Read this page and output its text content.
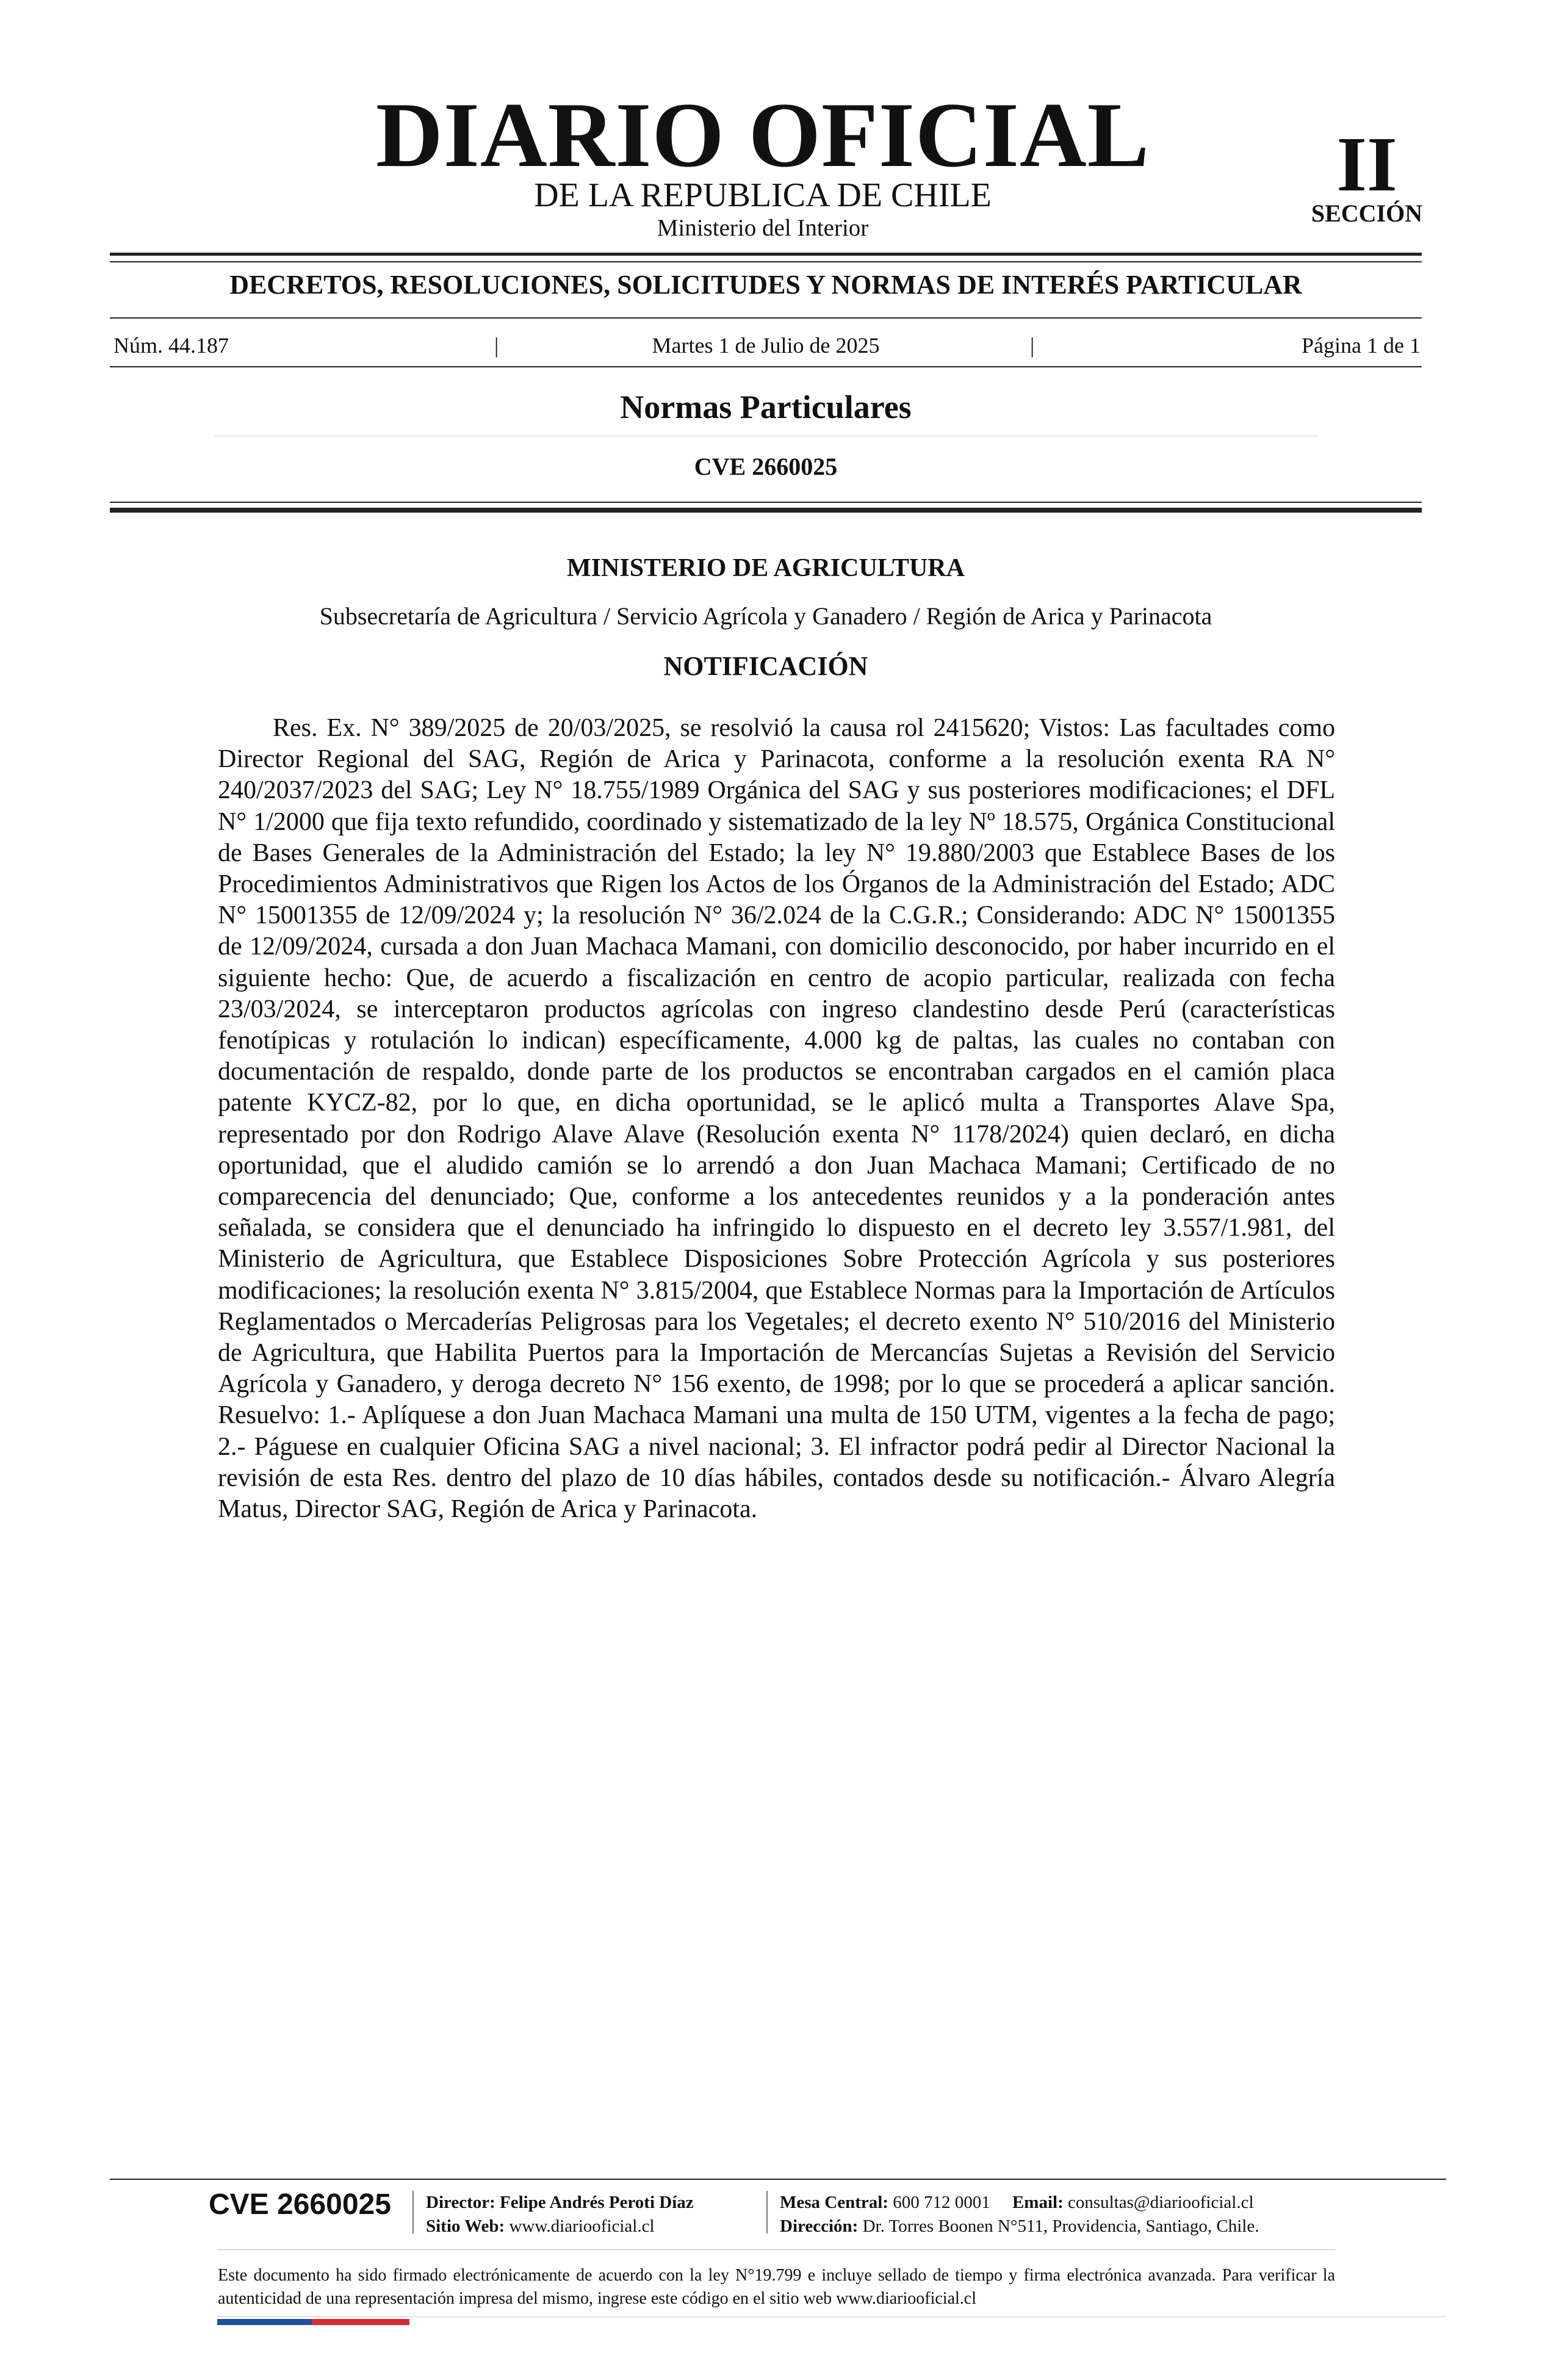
DIARIO OFICIAL
DE LA REPUBLICA DE CHILE
Ministerio del Interior
II
SECCIÓN
DECRETOS, RESOLUCIONES, SOLICITUDES Y NORMAS DE INTERÉS PARTICULAR
Núm. 44.187	|	Martes 1 de Julio de 2025	|	Página 1 de 1
Normas Particulares
CVE 2660025
MINISTERIO DE AGRICULTURA
Subsecretaría de Agricultura / Servicio Agrícola y Ganadero / Región de Arica y Parinacota
NOTIFICACIÓN

Res. Ex. N° 389/2025 de 20/03/2025, se resolvió la causa rol 2415620; Vistos: Las facultades como Director Regional del SAG, Región de Arica y Parinacota, conforme a la resolución exenta RA N° 240/2037/2023 del SAG; Ley N° 18.755/1989 Orgánica del SAG y sus posteriores modificaciones; el DFL N° 1/2000 que fija texto refundido, coordinado y sistematizado de la ley Nº 18.575, Orgánica Constitucional de Bases Generales de la Administración del Estado; la ley N° 19.880/2003 que Establece Bases de los Procedimientos Administrativos que Rigen los Actos de los Órganos de la Administración del Estado; ADC N° 15001355 de 12/09/2024 y; la resolución N° 36/2.024 de la C.G.R.; Considerando: ADC N° 15001355 de 12/09/2024, cursada a don Juan Machaca Mamani, con domicilio desconocido, por haber incurrido en el siguiente hecho: Que, de acuerdo a fiscalización en centro de acopio particular, realizada con fecha 23/03/2024, se interceptaron productos agrícolas con ingreso clandestino desde Perú (características fenotípicas y rotulación lo indican) específicamente, 4.000 kg de paltas, las cuales no contaban con documentación de respaldo, donde parte de los productos se encontraban cargados en el camión placa patente KYCZ-82, por lo que, en dicha oportunidad, se le aplicó multa a Transportes Alave Spa, representado por don Rodrigo Alave Alave (Resolución exenta N° 1178/2024) quien declaró, en dicha oportunidad, que el aludido camión se lo arrendó a don Juan Machaca Mamani; Certificado de no comparecencia del denunciado; Que, conforme a los antecedentes reunidos y a la ponderación antes señalada, se considera que el denunciado ha infringido lo dispuesto en el decreto ley 3.557/1.981, del Ministerio de Agricultura, que Establece Disposiciones Sobre Protección Agrícola y sus posteriores modificaciones; la resolución exenta N° 3.815/2004, que Establece Normas para la Importación de Artículos Reglamentados o Mercaderías Peligrosas para los Vegetales; el decreto exento N° 510/2016 del Ministerio de Agricultura, que Habilita Puertos para la Importación de Mercancías Sujetas a Revisión del Servicio Agrícola y Ganadero, y deroga decreto N° 156 exento, de 1998; por lo que se procederá a aplicar sanción. Resuelvo: 1.- Aplíquese a don Juan Machaca Mamani una multa de 150 UTM, vigentes a la fecha de pago; 2.- Páguese en cualquier Oficina SAG a nivel nacional; 3. El infractor podrá pedir al Director Nacional la revisión de esta Res. dentro del plazo de 10 días hábiles, contados desde su notificación.- Álvaro Alegría Matus, Director SAG, Región de Arica y Parinacota.

CVE 2660025	Director: Felipe Andrés Peroti Díaz
Sitio Web: www.diariooficial.cl
Mesa Central: 600 712 0001 Email: consultas@diariooficial.cl
Dirección: Dr. Torres Boonen N°511, Providencia, Santiago, Chile.

Este documento ha sido firmado electrónicamente de acuerdo con la ley N°19.799 e incluye sellado de tiempo y firma electrónica avanzada. Para verificar la autenticidad de una representación impresa del mismo, ingrese este código en el sitio web www.diariooficial.cl
